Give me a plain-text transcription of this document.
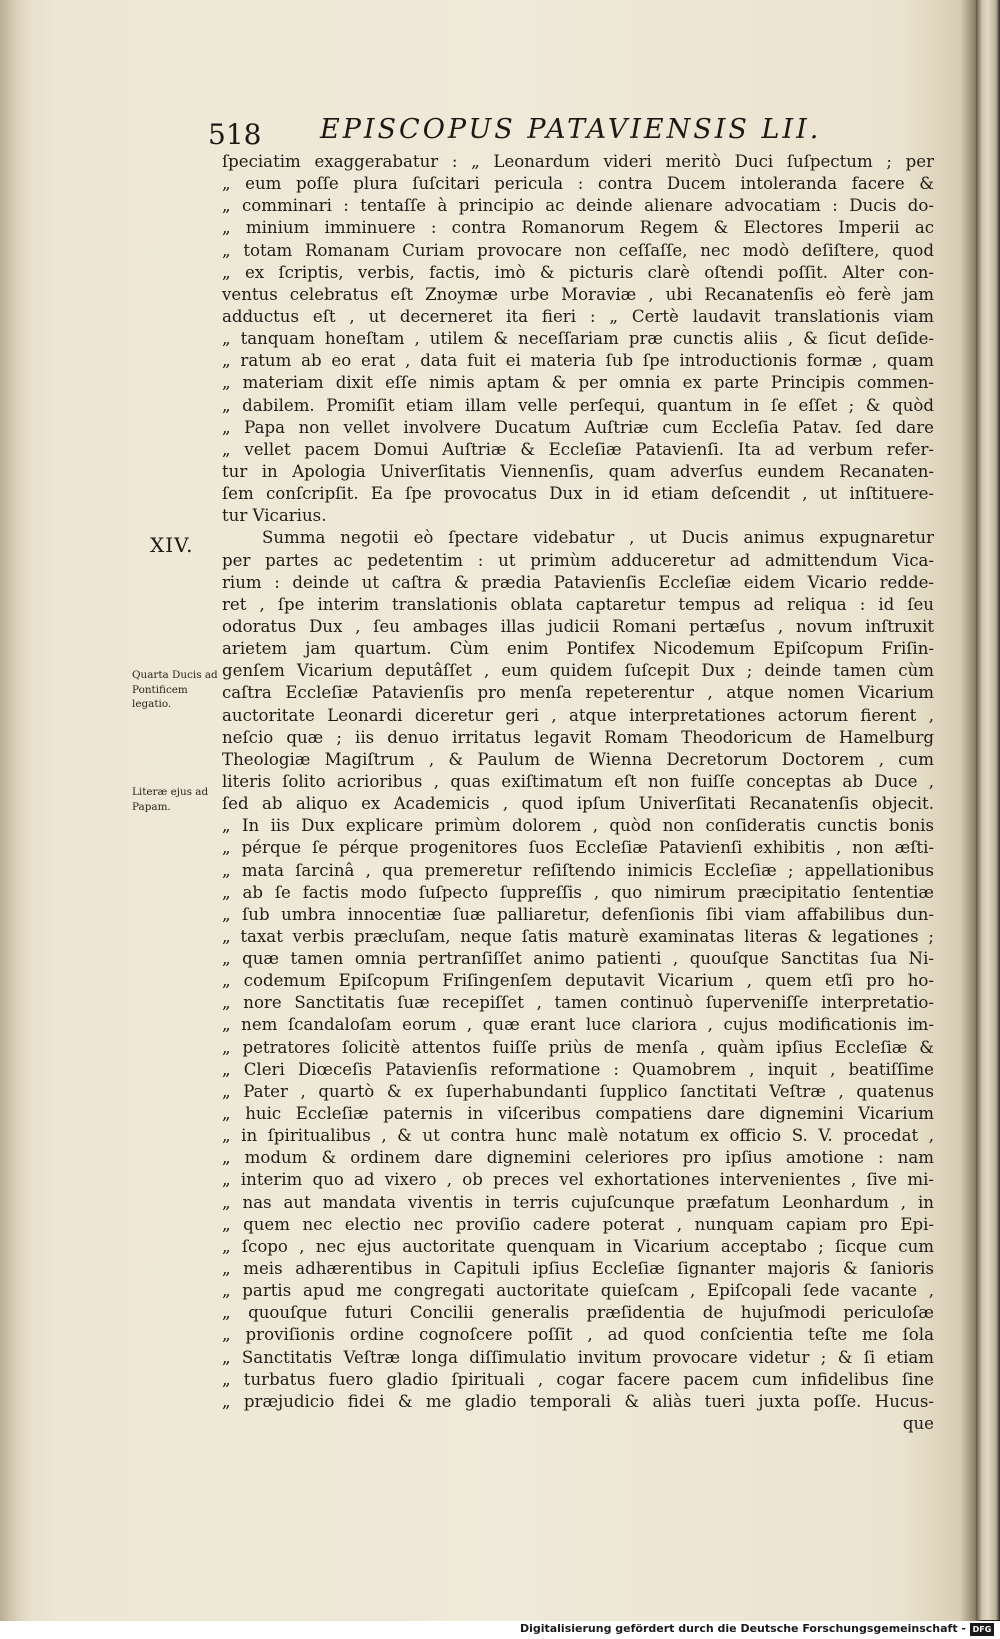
518 EPISCOPUS PATAVIENSIS LII.
XIV.
Quarta Ducis ad Pontificem legatio.
Literæ ejus ad Papam.
ſpeciatim exaggerabatur : „ Leonardum videri meritò Duci ſuſpectum ; per
„ eum poſſe plura ſuſcitari pericula : contra Ducem intoleranda facere &
„ comminari : tentaſſe à principio ac deinde alienare advocatiam : Ducis do-
„ minium imminuere : contra Romanorum Regem & Electores Imperii ac
„ totam Romanam Curiam provocare non ceſſaſſe, nec modò deſiſtere, quod
„ ex ſcriptis, verbis, factis, imò & picturis clarè oſtendi poſſit. Alter con-
ventus celebratus eſt Znoymæ urbe Moraviæ , ubi Recanatenſis eò ferè jam
adductus eſt , ut decerneret ita fieri : „ Certè laudavit translationis viam
„ tanquam honeſtam , utilem & neceſſariam præ cunctis aliis , & ſicut deſide-
„ ratum ab eo erat , data fuit ei materia ſub ſpe introductionis formæ , quam
„ materiam dixit eſſe nimis aptam & per omnia ex parte Principis commen-
„ dabilem. Promiſit etiam illam velle perſequi, quantum in ſe eſſet ; & quòd
„ Papa non vellet involvere Ducatum Auſtriæ cum Eccleſia Patav. ſed dare
„ vellet pacem Domui Auſtriæ & Eccleſiæ Patavienſi. Ita ad verbum refer-
tur in Apologia Univerſitatis Viennenſis, quam adverſus eundem Recanaten-
ſem conſcripſit. Ea ſpe provocatus Dux in id etiam deſcendit , ut inſtituere-
tur Vicarius.
Summa negotii eò ſpectare videbatur , ut Ducis animus expugnaretur
per partes ac pedetentim : ut primùm adduceretur ad admittendum Vica-
rium : deinde ut caſtra & prædia Patavienſis Eccleſiæ eidem Vicario redde-
ret , ſpe interim translationis oblata captaretur tempus ad reliqua : id ſeu
odoratus Dux , ſeu ambages illas judicii Romani pertæſus , novum inſtruxit
arietem jam quartum. Cùm enim Pontifex Nicodemum Epiſcopum Friſin-
genſem Vicarium deputâſſet , eum quidem ſuſcepit Dux ; deinde tamen cùm
caſtra Eccleſiæ Patavienſis pro menſa repeterentur , atque nomen Vicarium
auctoritate Leonardi diceretur geri , atque interpretationes actorum fierent ,
neſcio quæ ; iis denuo irritatus legavit Romam Theodoricum de Hamelburg
Theologiæ Magiſtrum , & Paulum de Wienna Decretorum Doctorem , cum
literis ſolito acrioribus , quas exiſtimatum eſt non fuiſſe conceptas ab Duce ,
ſed ab aliquo ex Academicis , quod ipſum Univerſitati Recanatenſis objecit.
„ In iis Dux explicare primùm dolorem , quòd non conſideratis cunctis bonis
„ pérque ſe pérque progenitores ſuos Eccleſiæ Patavienſi exhibitis , non æſti-
„ mata ſarcinâ , qua premeretur reſiſtendo inimicis Eccleſiæ ; appellationibus
„ ab ſe factis modo ſuſpecto ſuppreſſis , quo nimirum præcipitatio ſententiæ
„ ſub umbra innocentiæ ſuæ palliaretur, defenſionis ſibi viam affabilibus dun-
„ taxat verbis præcluſam, neque ſatis maturè examinatas literas & legationes ;
„ quæ tamen omnia pertranſiſſet animo patienti , quouſque Sanctitas ſua Ni-
„ codemum Epiſcopum Friſingenſem deputavit Vicarium , quem etſi pro ho-
„ nore Sanctitatis ſuæ recepiſſet , tamen continuò ſuperveniſſe interpretatio-
„ nem ſcandaloſam eorum , quæ erant luce clariora , cujus modificationis im-
„ petratores ſolicitè attentos fuiſſe priùs de menſa , quàm ipſius Eccleſiæ &
„ Cleri Diœceſis Patavienſis reformatione : Quamobrem , inquit , beatiſſime
„ Pater , quartò & ex ſuperhabundanti ſupplico ſanctitati Veſtræ , quatenus
„ huic Eccleſiæ paternis in viſceribus compatiens dare dignemini Vicarium
„ in ſpiritualibus , & ut contra hunc malè notatum ex officio S. V. procedat ,
„ modum & ordinem dare dignemini celeriores pro ipſius amotione : nam
„ interim quo ad vixero , ob preces vel exhortationes intervenientes , ſive mi-
„ nas aut mandata viventis in terris cujuſcunque præfatum Leonhardum , in
„ quem nec electio nec proviſio cadere poterat , nunquam capiam pro Epi-
„ ſcopo , nec ejus auctoritate quenquam in Vicarium acceptabo ; ſicque cum
„ meis adhærentibus in Capituli ipſius Eccleſiæ ſignanter majoris & ſanioris
„ partis apud me congregati auctoritate quieſcam , Epiſcopali ſede vacante ,
„ quouſque futuri Concilii generalis præſidentia de hujuſmodi periculoſæ
„ proviſionis ordine cognoſcere poſſit , ad quod conſcientia teſte me ſola
„ Sanctitatis Veſtræ longa diſſimulatio invitum provocare videtur ; & ſi etiam
„ turbatus fuero gladio ſpirituali , cogar facere pacem cum infidelibus ſine
„ præjudicio fidei & me gladio temporali & aliàs tueri juxta poſſe. Hucus-
que
Digitalisierung gefördert durch die Deutsche Forschungsgemeinschaft - DFG
